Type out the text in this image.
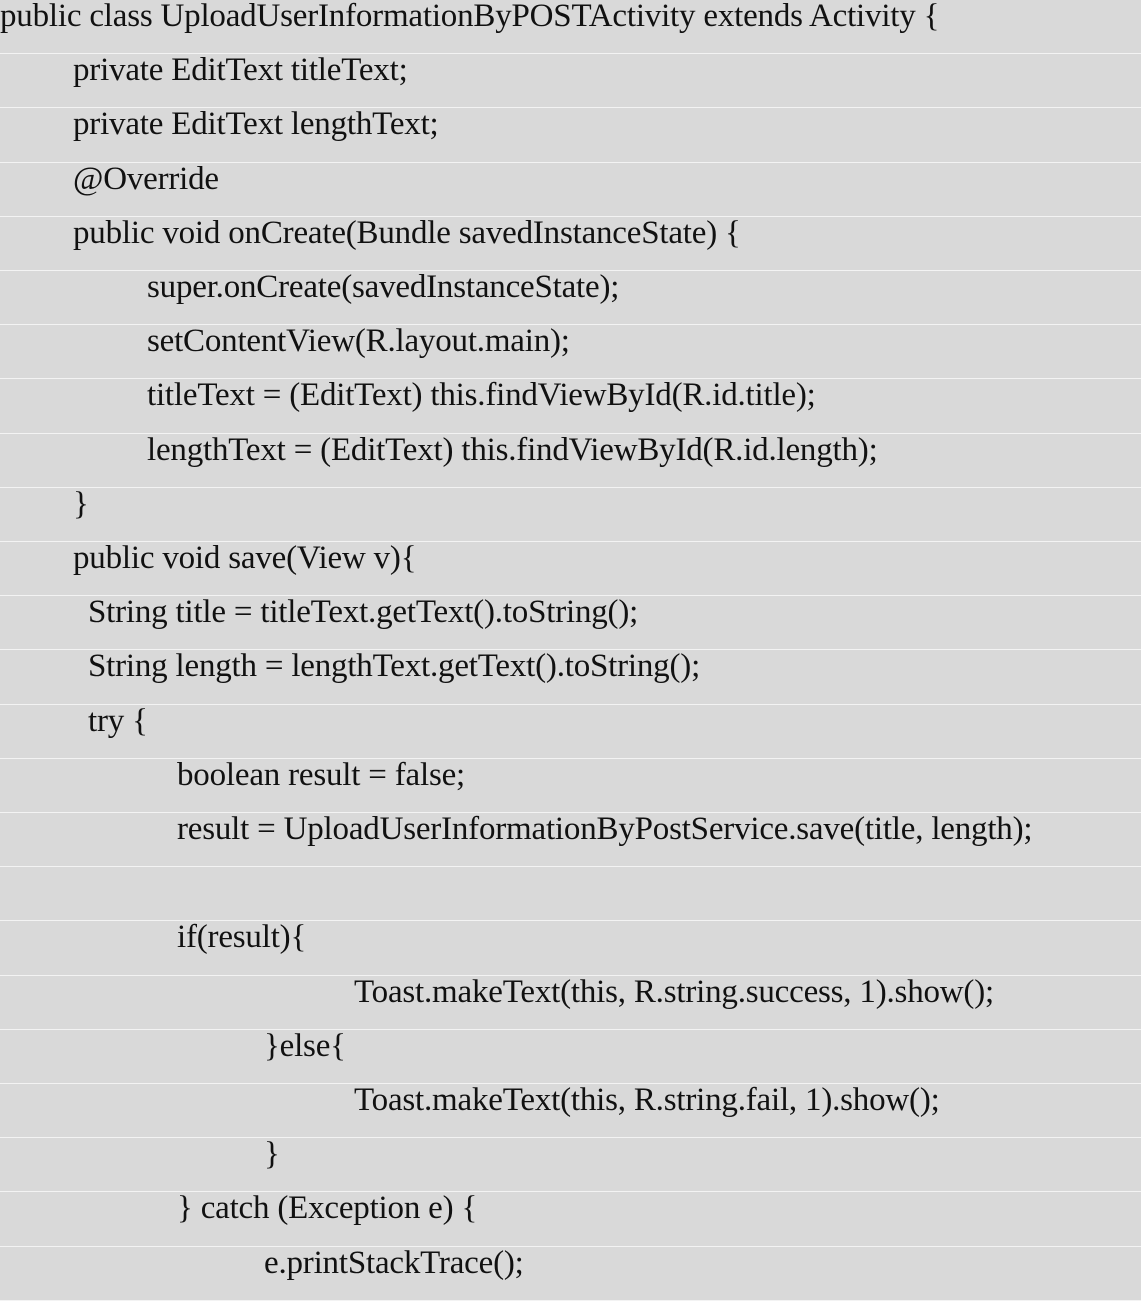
public class UploadUserInformationByPOSTActivity extends Activity {
private EditText titleText;
private EditText lengthText;
@Override
public void onCreate(Bundle savedInstanceState) {
super.onCreate(savedInstanceState);
setContentView(R.layout.main);
titleText = (EditText) this.findViewById(R.id.title);
lengthText = (EditText) this.findViewById(R.id.length);
}
public void save(View v){
String title = titleText.getText().toString();
String length = lengthText.getText().toString();
try {
boolean result = false;
result = UploadUserInformationByPostService.save(title, length);
if(result){
Toast.makeText(this, R.string.success, 1).show();
}else{
Toast.makeText(this, R.string.fail, 1).show();
}
} catch (Exception e) {
e.printStackTrace();
